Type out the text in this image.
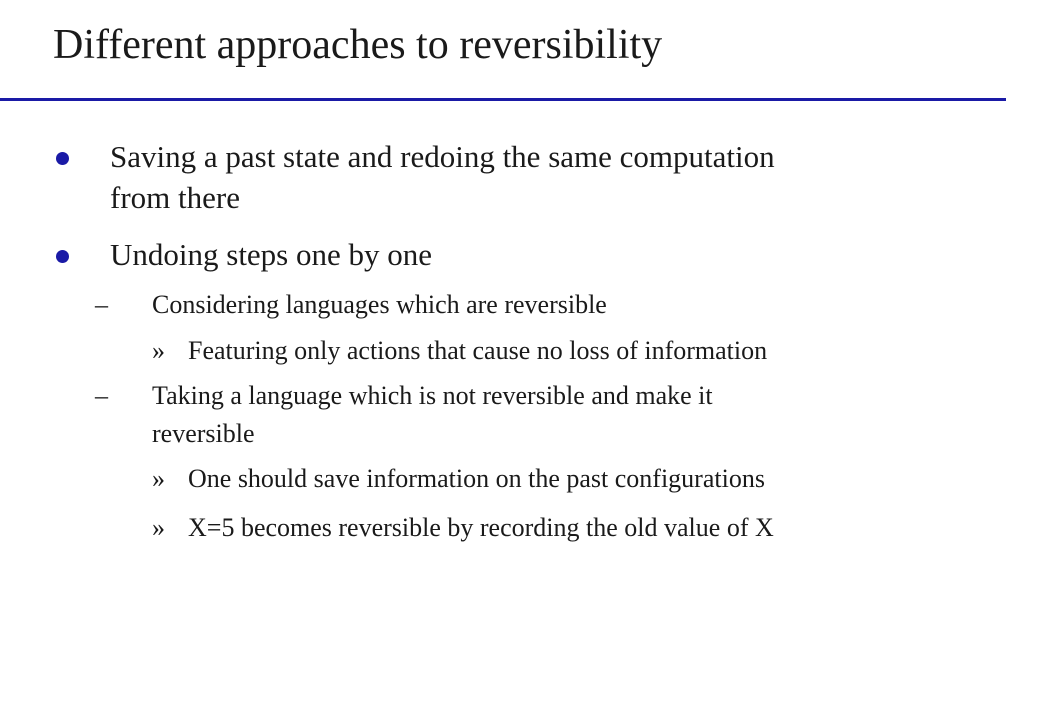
Different approaches to reversibility
Saving a past state and redoing the same computation
from there
Undoing steps one by one
– Considering languages which are reversible
» Featuring only actions that cause no loss of information
– Taking a language which is not reversible and make it
reversible
» One should save information on the past configurations
» X=5 becomes reversible by recording the old value of X
